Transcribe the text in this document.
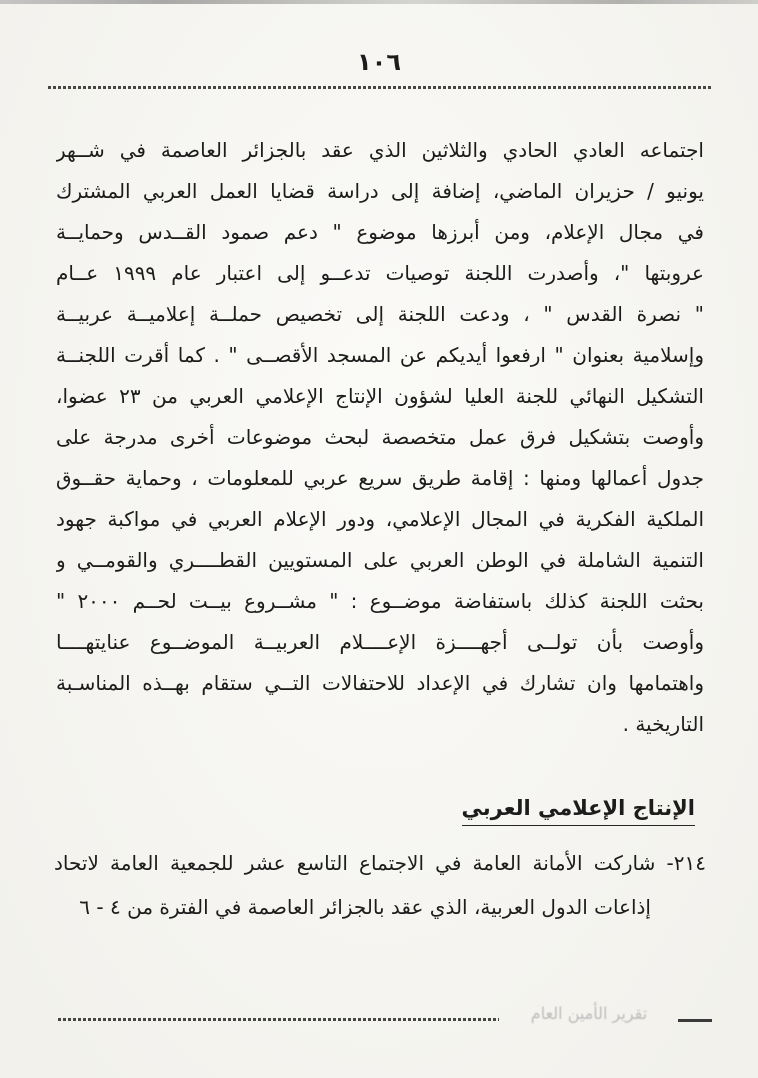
١٠٦
اجتماعه العادي الحادي والثلاثين الذي عقد بالجزائر العاصمة في شــهر
يونيو / حزيران الماضي، إضافة إلى دراسة قضايا العمل العربي المشترك
في مجال الإعلام، ومن أبرزها موضوع " دعم صمود القــدس وحمايــة
عروبتها "، وأصدرت اللجنة توصيات تدعــو إلى اعتبار عام ١٩٩٩ عــام
" نصرة القدس " ، ودعت اللجنة إلى تخصيص حملــة إعلاميــة عربيــة
وإسلامية بعنوان " ارفعوا أيديكم عن المسجد الأقصــى " . كما أقرت اللجنــة
التشكيل النهائي للجنة العليا لشؤون الإنتاج الإعلامي العربي من ٢٣ عضوا،
وأوصت بتشكيل فرق عمل متخصصة لبحث موضوعات أخرى مدرجة على
جدول أعمالها ومنها : إقامة طريق سريع عربي للمعلومات ، وحماية حقــوق
الملكية الفكرية في المجال الإعلامي، ودور الإعلام العربي في مواكبة جهود
التنمية الشاملة في الوطن العربي على المستويين القطــــري والقومــي و
بحثت اللجنة كذلك باستفاضة موضــوع : " مشــروع بيــت لحــم ٢٠٠٠ "
وأوصت بأن تولــى أجهــــزة الإعــــلام العربيــة الموضــوع عنايتهــــا
واهتمامها وان تشارك في الإعداد للاحتفالات التــي ستقام بهــذه المناسـبة
التاريخية .
الإنتاج الإعلامي العربي
٢١٤- شاركت الأمانة العامة في الاجتماع التاسع عشر للجمعية العامة لاتحاد
إذاعات الدول العربية، الذي عقد بالجزائر العاصمة في الفترة من ٤ - ٦
تقرير الأمين العام
